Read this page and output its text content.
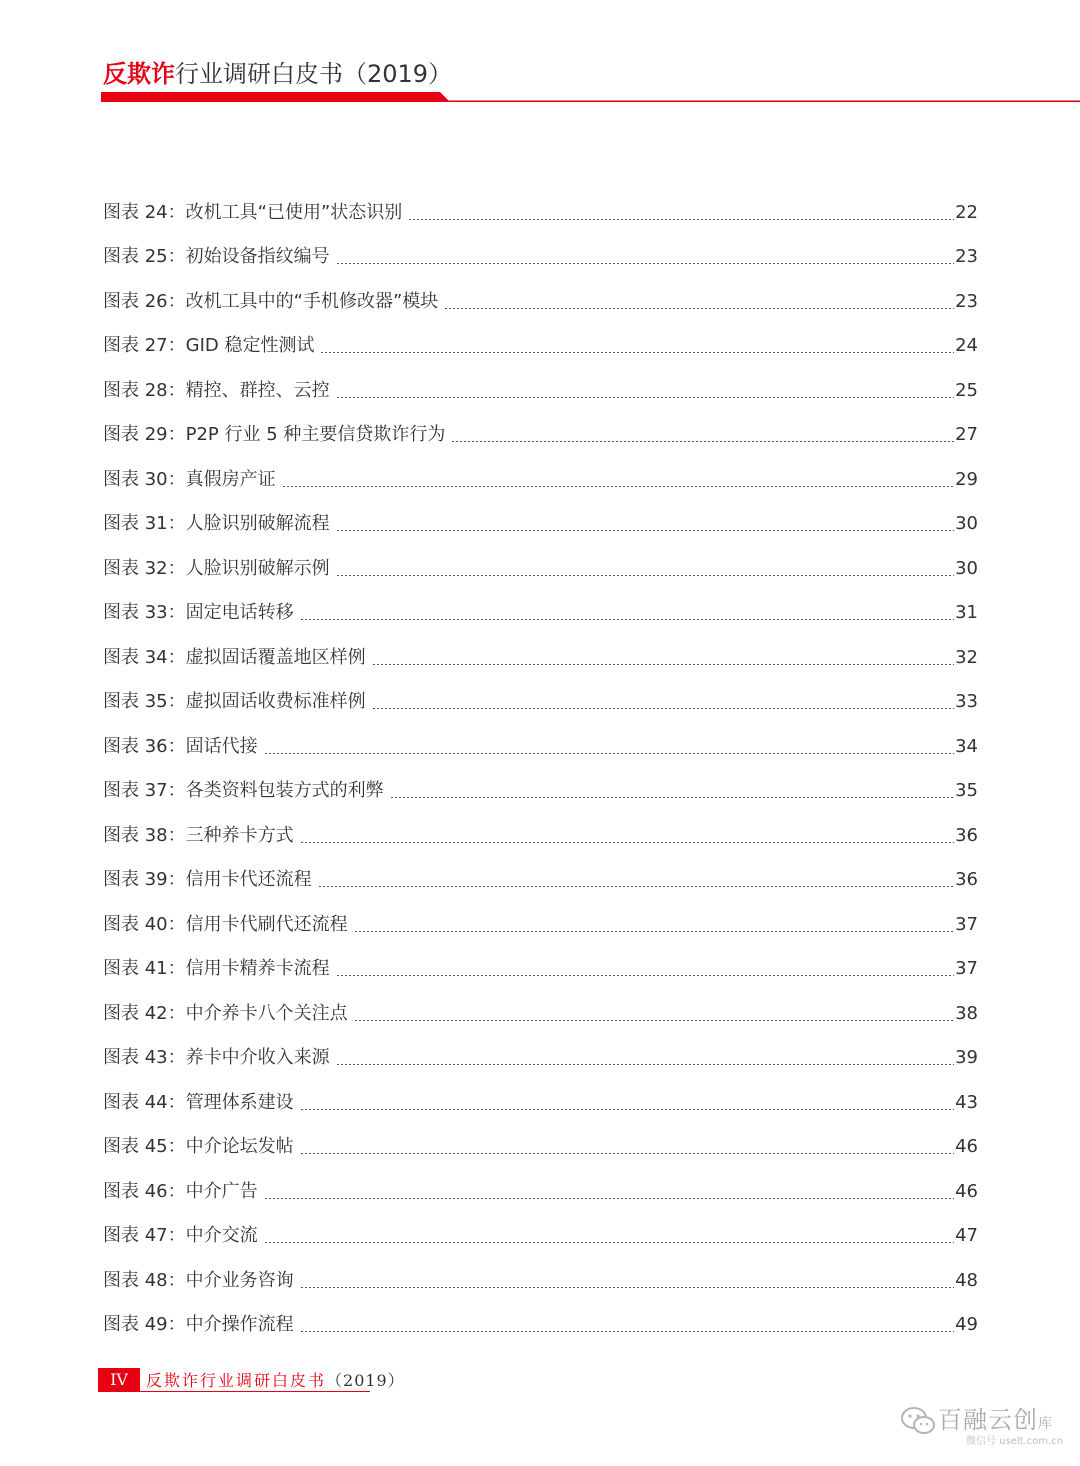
反欺诈行业调研白皮书（2019）
图表 24：改机工具“已使用”状态识别	22
图表 25：初始设备指纹编号	23
图表 26：改机工具中的“手机修改器”模块	23
图表 27：GID 稳定性测试	24
图表 28：精控、群控、云控	25
图表 29：P2P 行业 5 种主要信贷欺诈行为	27
图表 30：真假房产证	29
图表 31：人脸识别破解流程	30
图表 32：人脸识别破解示例	30
图表 33：固定电话转移	31
图表 34：虚拟固话覆盖地区样例	32
图表 35：虚拟固话收费标准样例	33
图表 36：固话代接	34
图表 37：各类资料包装方式的利弊	35
图表 38：三种养卡方式	36
图表 39：信用卡代还流程	36
图表 40：信用卡代刷代还流程	37
图表 41：信用卡精养卡流程	37
图表 42：中介养卡八个关注点	38
图表 43：养卡中介收入来源	39
图表 44：管理体系建设	43
图表 45：中介论坛发帖	46
图表 46：中介广告	46
图表 47：中介交流	47
图表 48：中介业务咨询	48
图表 49：中介操作流程	49
IV	反欺诈行业调研白皮书（2019）
百融云创库
微信号 uselt.com.cn
